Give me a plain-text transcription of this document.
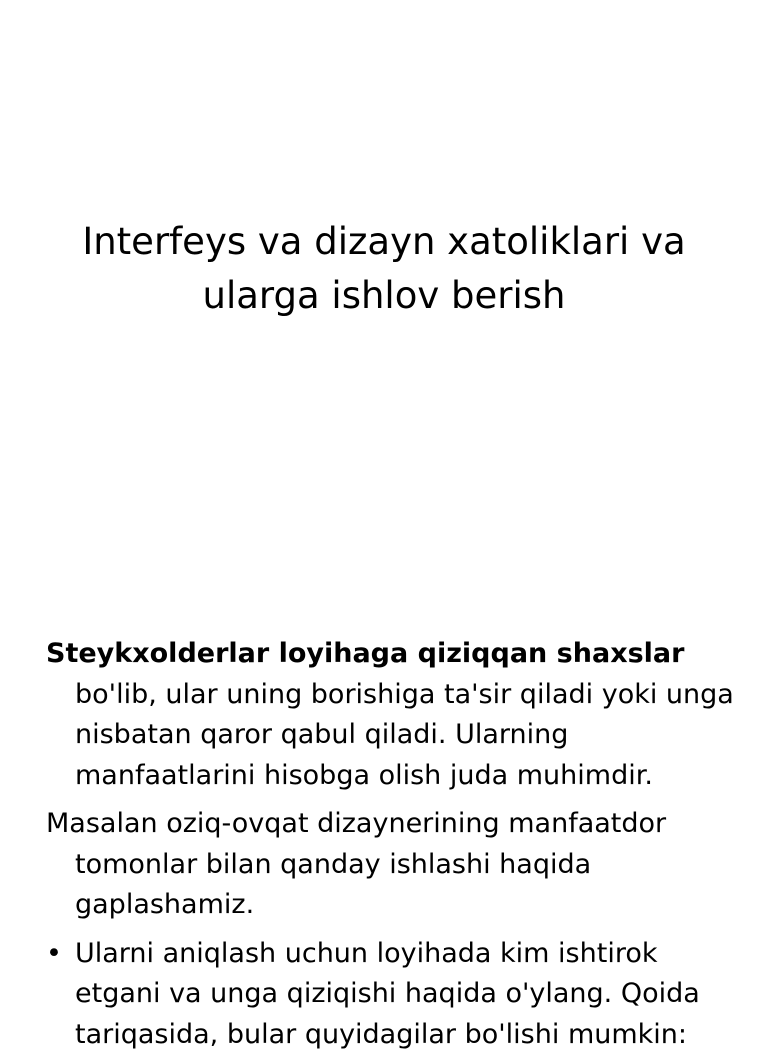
Interfeys va dizayn xatoliklari va
ularga ishlov berish

Steykxolderlar loyihaga qiziqqan shaxslar bo'lib, ular uning borishiga ta'sir qiladi yoki unga nisbatan qaror qabul qiladi. Ularning manfaatlarini hisobga olish juda muhimdir.

Masalan oziq-ovqat dizaynerining manfaatdor tomonlar bilan qanday ishlashi haqida gaplashamiz.

• Ularni aniqlash uchun loyihada kim ishtirok etgani va unga qiziqishi haqida o'ylang. Qoida tariqasida, bular quyidagilar bo'lishi mumkin:
